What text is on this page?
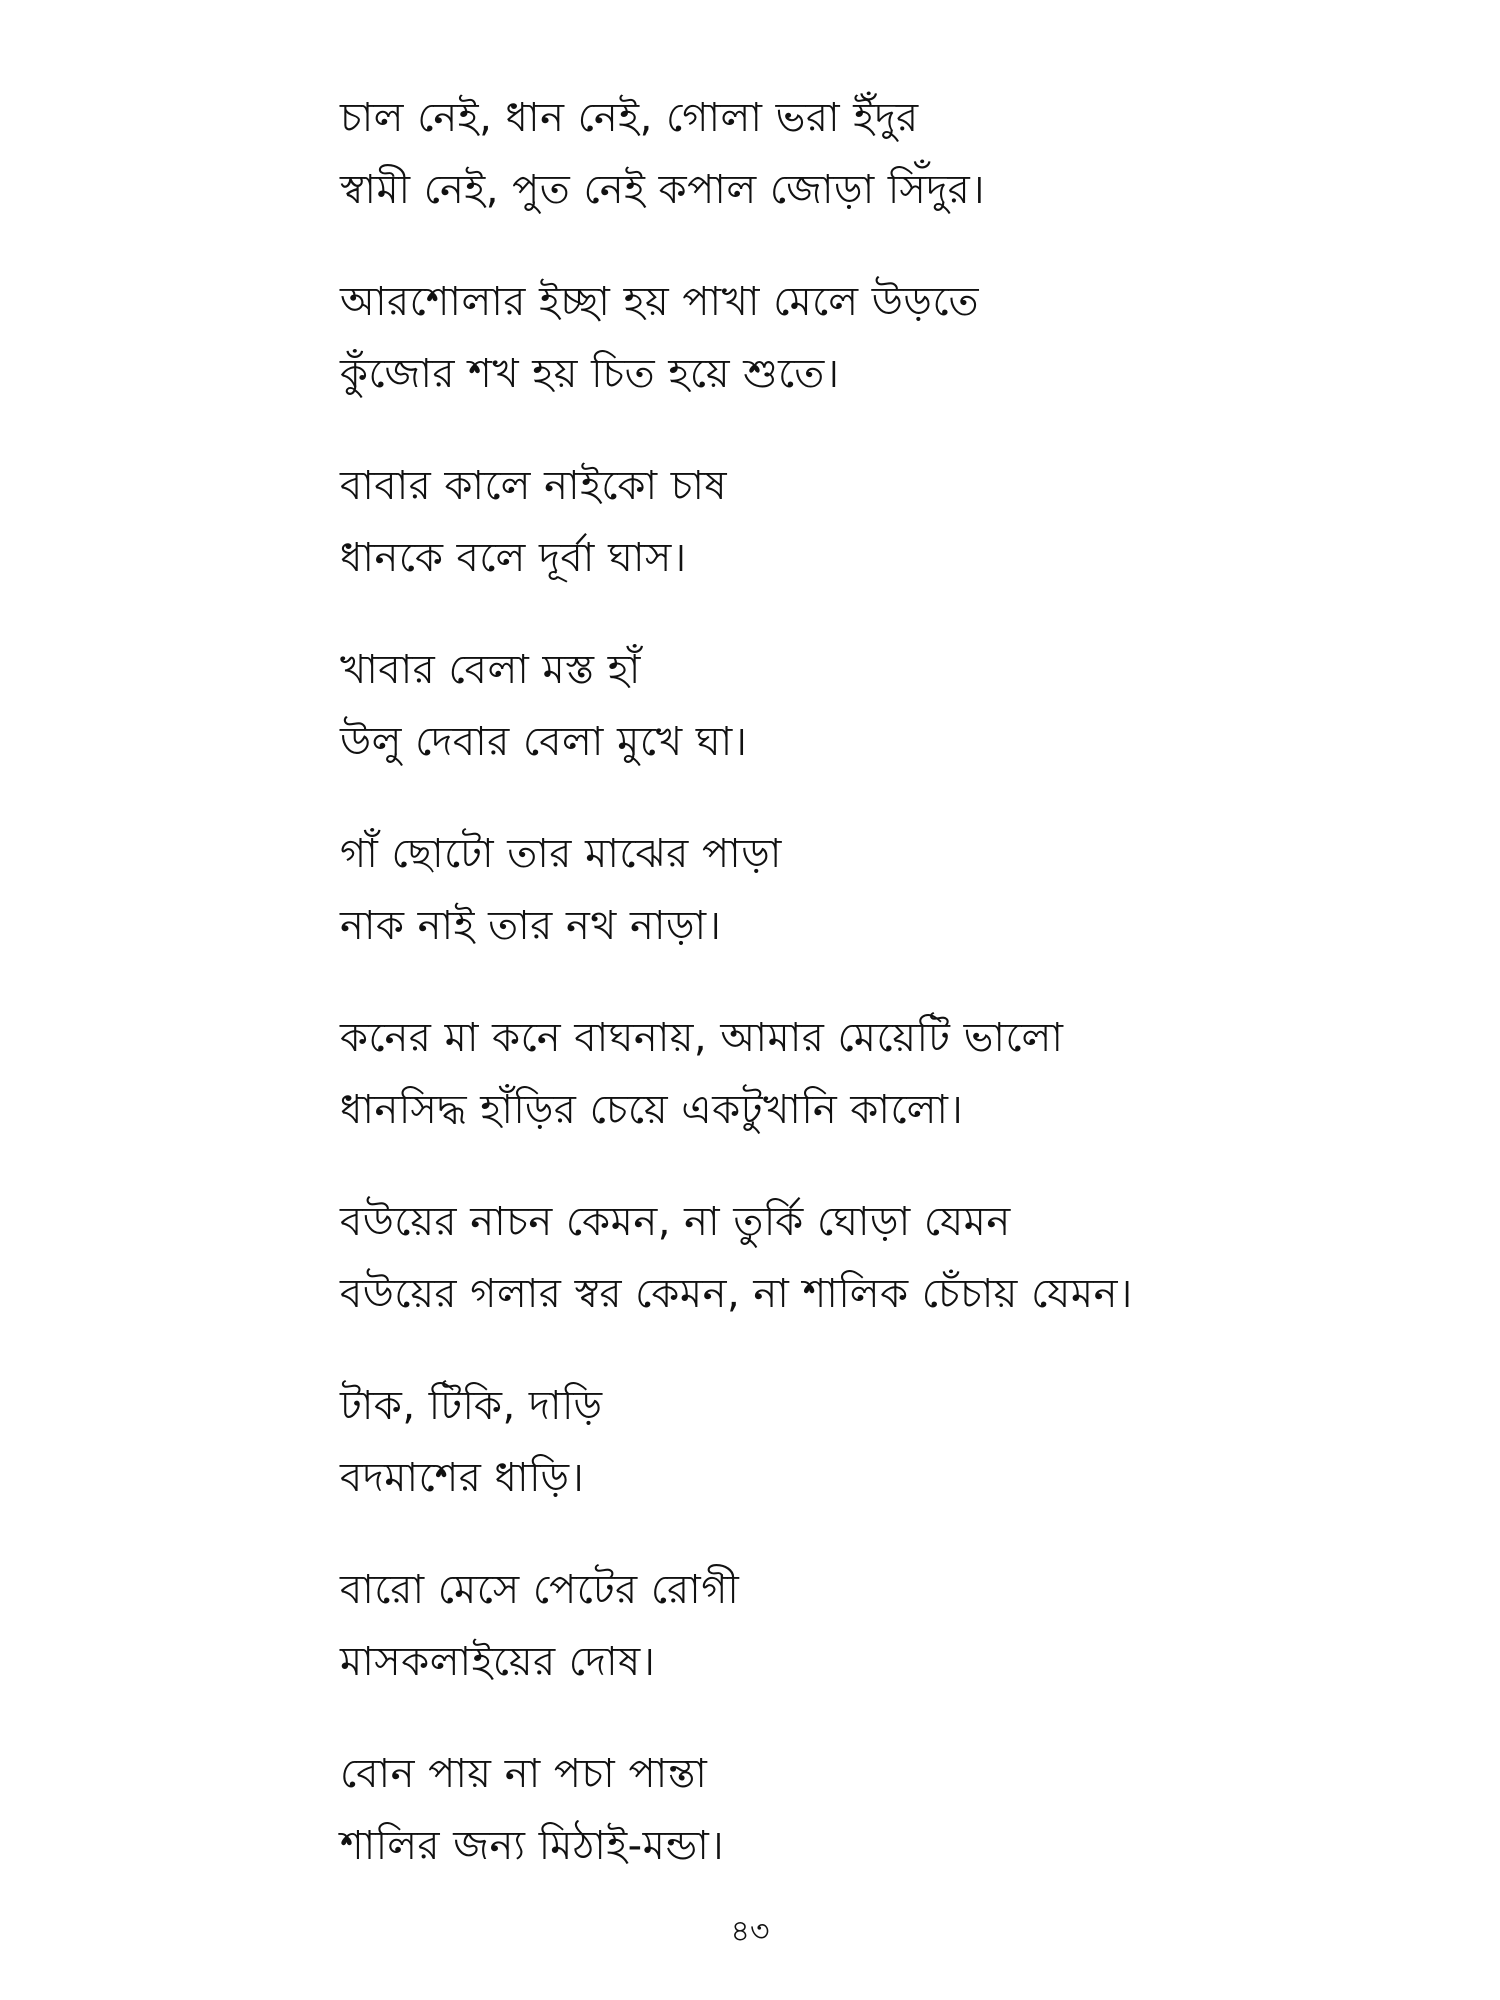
চাল নেই, ধান নেই, গোলা ভরা ইঁদুর
স্বামী নেই, পুত নেই কপাল জোড়া সিঁদুর।
আরশোলার ইচ্ছা হয় পাখা মেলে উড়তে
কুঁজোর শখ হয় চিত হয়ে শুতে।
বাবার কালে নাইকো চাষ
ধানকে বলে দূর্বা ঘাস।
খাবার বেলা মস্ত হাঁ
উলু দেবার বেলা মুখে ঘা।
গাঁ ছোটো তার মাঝের পাড়া
নাক নাই তার নথ নাড়া।
কনের মা কনে বাঘনায়, আমার মেয়েটি ভালো
ধানসিদ্ধ হাঁড়ির চেয়ে একটুখানি কালো।
বউয়ের নাচন কেমন, না তুর্কি ঘোড়া যেমন
বউয়ের গলার স্বর কেমন, না শালিক চেঁচায় যেমন।
টাক, টিকি, দাড়ি
বদমাশের ধাড়ি।
বারো মেসে পেটের রোগী
মাসকলাইয়ের দোষ।
বোন পায় না পচা পান্তা
শালির জন্য মিঠাই-মন্ডা।
৪৩
